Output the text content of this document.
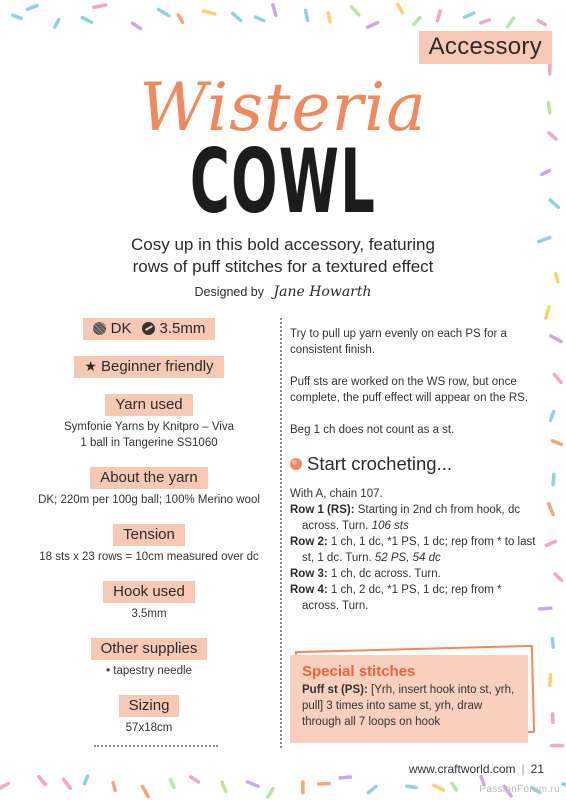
Accessory
Wisteria
COWL
Cosy up in this bold accessory, featuring
rows of puff stitches for a textured effect
Designed by Jane Howarth
DK 3.5mm
★ Beginner friendly
Yarn used
Symfonie Yarns by Knitpro – Viva
1 ball in Tangerine SS1060
About the yarn
DK; 220m per 100g ball; 100% Merino wool
Tension
18 sts x 23 rows = 10cm measured over dc
Hook used
3.5mm
Other supplies
• tapestry needle
Sizing
57x18cm

Try to pull up yarn evenly on each PS for a consistent finish.

Puff sts are worked on the WS row, but once complete, the puff effect will appear on the RS.

Beg 1 ch does not count as a st.

Start crocheting...
With A, chain 107.
Row 1 (RS): Starting in 2nd ch from hook, dc across. Turn. 106 sts
Row 2: 1 ch, 1 dc, *1 PS, 1 dc; rep from * to last st, 1 dc. Turn. 52 PS, 54 dc
Row 3: 1 ch, dc across. Turn.
Row 4: 1 ch, 2 dc, *1 PS, 1 dc; rep from * across. Turn.
Special stitches
Puff st (PS): [Yrh, insert hook into st, yrh, pull] 3 times into same st, yrh, draw through all 7 loops on hook
www.craftworld.com | 21
PassionForum.ru
